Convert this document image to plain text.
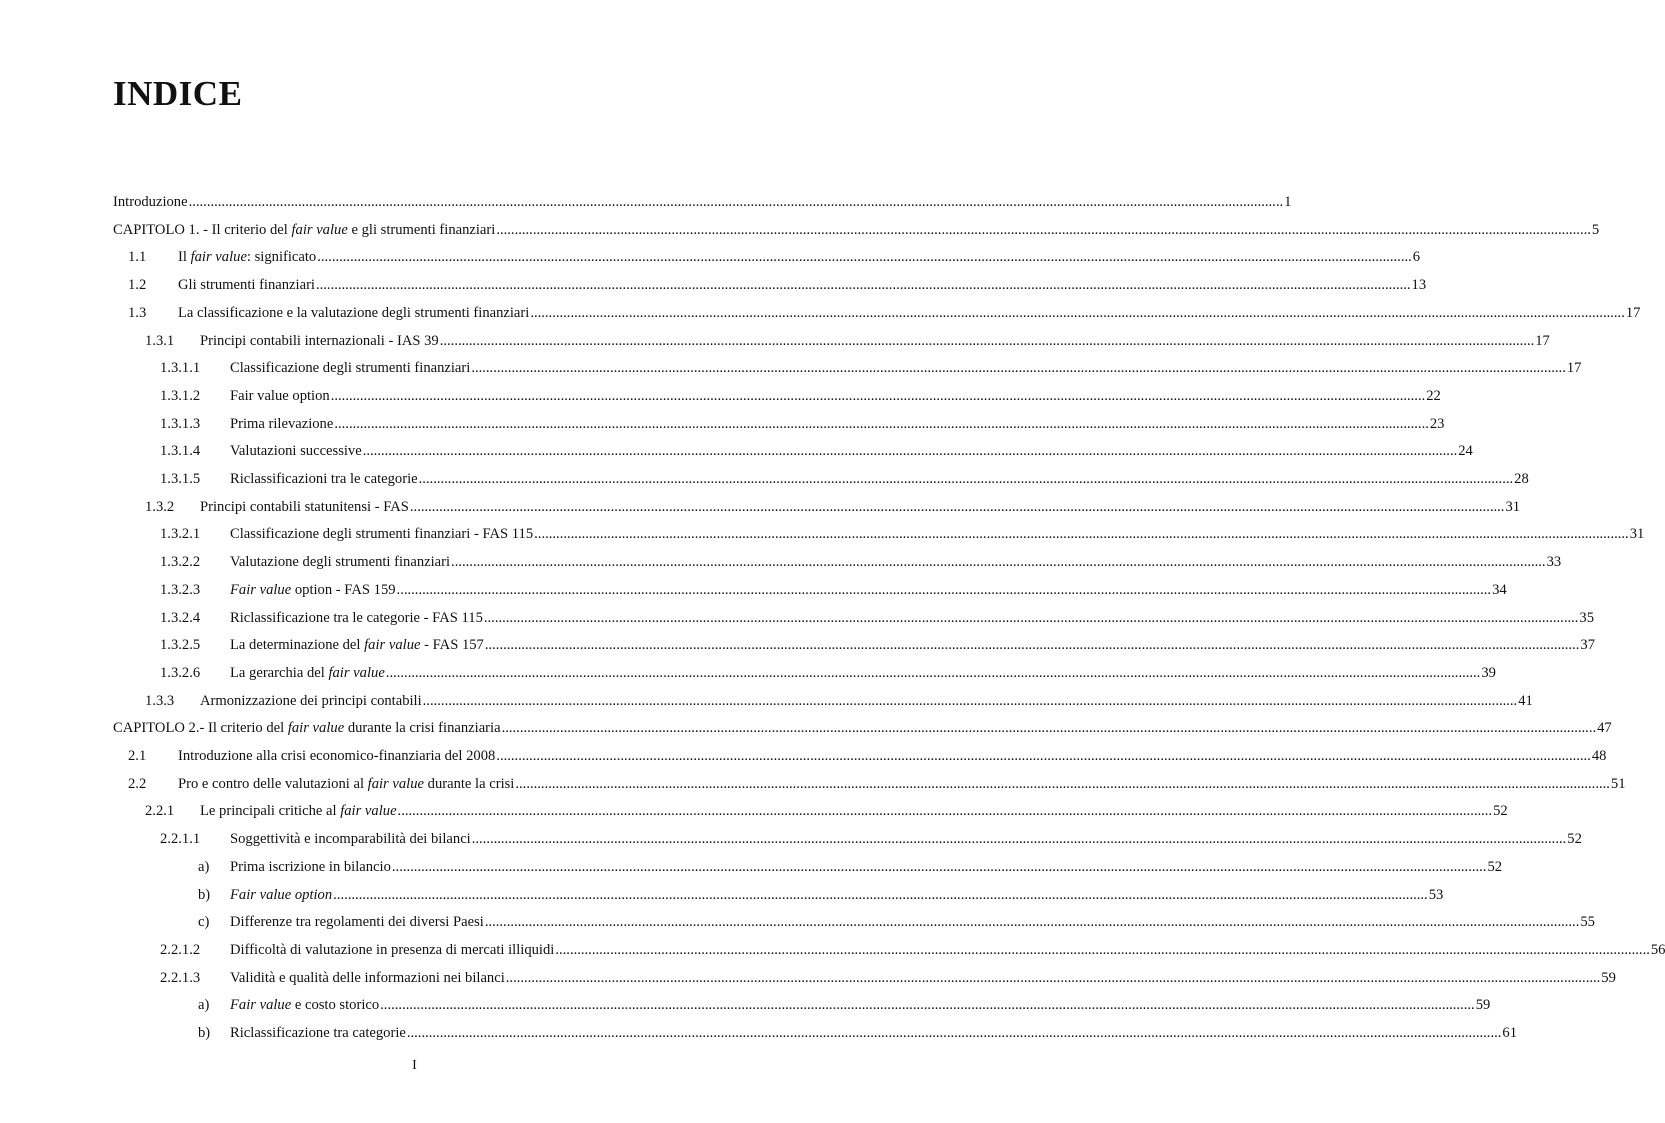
INDICE
Introduzione ............................................................................................................................................................................................................................................................................................................ 1
CAPITOLO 1. - Il criterio del fair value e gli strumenti finanziari ............................................................................................................................................................................................................................................................................................................ 5
1.1 Il fair value: significato ............................................................................................................................................................................................................................................................................................................ 6
1.2 Gli strumenti finanziari ............................................................................................................................................................................................................................................................................................................ 13
1.3 La classificazione e la valutazione degli strumenti finanziari ............................................................................................................................................................................................................................................................................................................ 17
1.3.1 Principi contabili internazionali - IAS 39 ............................................................................................................................................................................................................................................................................................................ 17
1.3.1.1 Classificazione degli strumenti finanziari ............................................................................................................................................................................................................................................................................................................ 17
1.3.1.2 Fair value option ............................................................................................................................................................................................................................................................................................................ 22
1.3.1.3 Prima rilevazione ............................................................................................................................................................................................................................................................................................................ 23
1.3.1.4 Valutazioni successive ............................................................................................................................................................................................................................................................................................................ 24
1.3.1.5 Riclassificazioni tra le categorie ............................................................................................................................................................................................................................................................................................................ 28
1.3.2 Principi contabili statunitensi - FAS ............................................................................................................................................................................................................................................................................................................ 31
1.3.2.1 Classificazione degli strumenti finanziari - FAS 115 ............................................................................................................................................................................................................................................................................................................ 31
1.3.2.2 Valutazione degli strumenti finanziari ............................................................................................................................................................................................................................................................................................................ 33
1.3.2.3 Fair value option - FAS 159 ............................................................................................................................................................................................................................................................................................................ 34
1.3.2.4 Riclassificazione tra le categorie - FAS 115 ............................................................................................................................................................................................................................................................................................................ 35
1.3.2.5 La determinazione del fair value - FAS 157 ............................................................................................................................................................................................................................................................................................................ 37
1.3.2.6 La gerarchia del fair value ............................................................................................................................................................................................................................................................................................................ 39
1.3.3 Armonizzazione dei principi contabili ............................................................................................................................................................................................................................................................................................................ 41
CAPITOLO 2.- Il criterio del fair value durante la crisi finanziaria ............................................................................................................................................................................................................................................................................................................ 47
2.1 Introduzione alla crisi economico-finanziaria del 2008 ............................................................................................................................................................................................................................................................................................................ 48
2.2 Pro e contro delle valutazioni al fair value durante la crisi ............................................................................................................................................................................................................................................................................................................ 51
2.2.1 Le principali critiche al fair value ............................................................................................................................................................................................................................................................................................................ 52
2.2.1.1 Soggettività e incomparabilità dei bilanci ............................................................................................................................................................................................................................................................................................................ 52
a) Prima iscrizione in bilancio ............................................................................................................................................................................................................................................................................................................ 52
b) Fair value option ............................................................................................................................................................................................................................................................................................................ 53
c) Differenze tra regolamenti dei diversi Paesi ............................................................................................................................................................................................................................................................................................................ 55
2.2.1.2 Difficoltà di valutazione in presenza di mercati illiquidi ............................................................................................................................................................................................................................................................................................................ 56
2.2.1.3 Validità e qualità delle informazioni nei bilanci ............................................................................................................................................................................................................................................................................................................ 59
a) Fair value e costo storico ............................................................................................................................................................................................................................................................................................................ 59
b) Riclassificazione tra categorie ............................................................................................................................................................................................................................................................................................................ 61
I
